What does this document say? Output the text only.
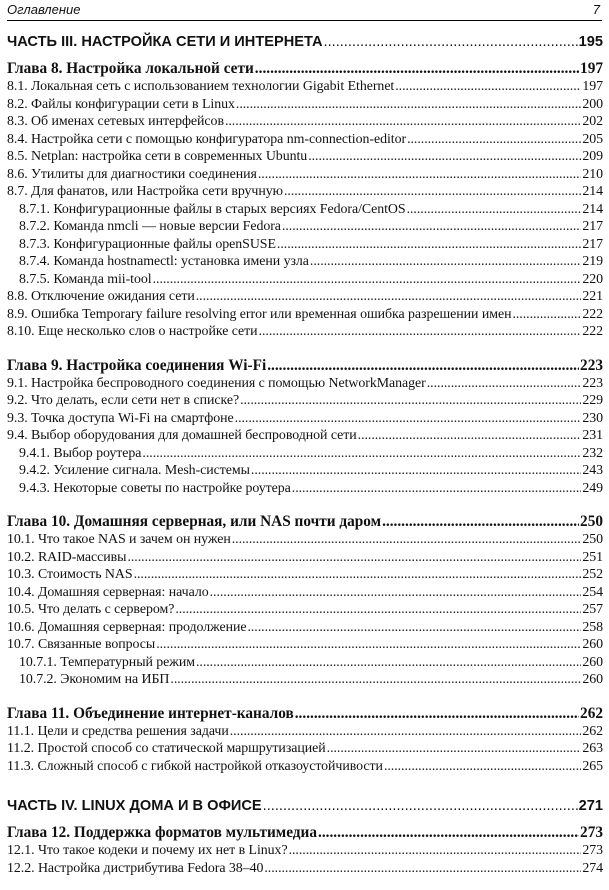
Оглавление	7
ЧАСТЬ III. НАСТРОЙКА СЕТИ И ИНТЕРНЕТА .....	195
Глава 8. Настройка локальной сети .....	197
8.1. Локальная сеть с использованием технологии Gigabit Ethernet .....	197
8.2. Файлы конфигурации сети в Linux .....	200
8.3. Об именах сетевых интерфейсов .....	202
8.4. Настройка сети с помощью конфигуратора nm-connection-editor .....	205
8.5. Netplan: настройка сети в современных Ubuntu .....	209
8.6. Утилиты для диагностики соединения .....	210
8.7. Для фанатов, или Настройка сети вручную .....	214
8.7.1. Конфигурационные файлы в старых версиях Fedora/CentOS .....	214
8.7.2. Команда nmcli — новые версии Fedora .....	217
8.7.3. Конфигурационные файлы openSUSE .....	217
8.7.4. Команда hostnamectl: установка имени узла .....	219
8.7.5. Команда mii-tool .....	220
8.8. Отключение ожидания сети .....	221
8.9. Ошибка Temporary failure resolving error или временная ошибка разрешении имен .....	222
8.10. Еще несколько слов о настройке сети .....	222
Глава 9. Настройка соединения Wi-Fi .....	223
9.1. Настройка беспроводного соединения с помощью NetworkManager .....	223
9.2. Что делать, если сети нет в списке? .....	229
9.3. Точка доступа Wi-Fi на смартфоне .....	230
9.4. Выбор оборудования для домашней беспроводной сети .....	231
9.4.1. Выбор роутера .....	232
9.4.2. Усиление сигнала. Mesh-системы .....	243
9.4.3. Некоторые советы по настройке роутера .....	249
Глава 10. Домашняя серверная, или NAS почти даром .....	250
10.1. Что такое NAS и зачем он нужен .....	250
10.2. RAID-массивы .....	251
10.3. Стоимость NAS .....	252
10.4. Домашняя серверная: начало .....	254
10.5. Что делать с сервером? .....	257
10.6. Домашняя серверная: продолжение .....	258
10.7. Связанные вопросы .....	260
10.7.1. Температурный режим .....	260
10.7.2. Экономим на ИБП .....	260
Глава 11. Объединение интернет-каналов .....	262
11.1. Цели и средства решения задачи .....	262
11.2. Простой способ со статической маршрутизацией .....	263
11.3. Сложный способ с гибкой настройкой отказоустойчивости .....	265
ЧАСТЬ IV. LINUX ДОМА И В ОФИСЕ .....	271
Глава 12. Поддержка форматов мультимедиа .....	273
12.1. Что такое кодеки и почему их нет в Linux? .....	273
12.2. Настройка дистрибутива Fedora 38–40 .....	274
